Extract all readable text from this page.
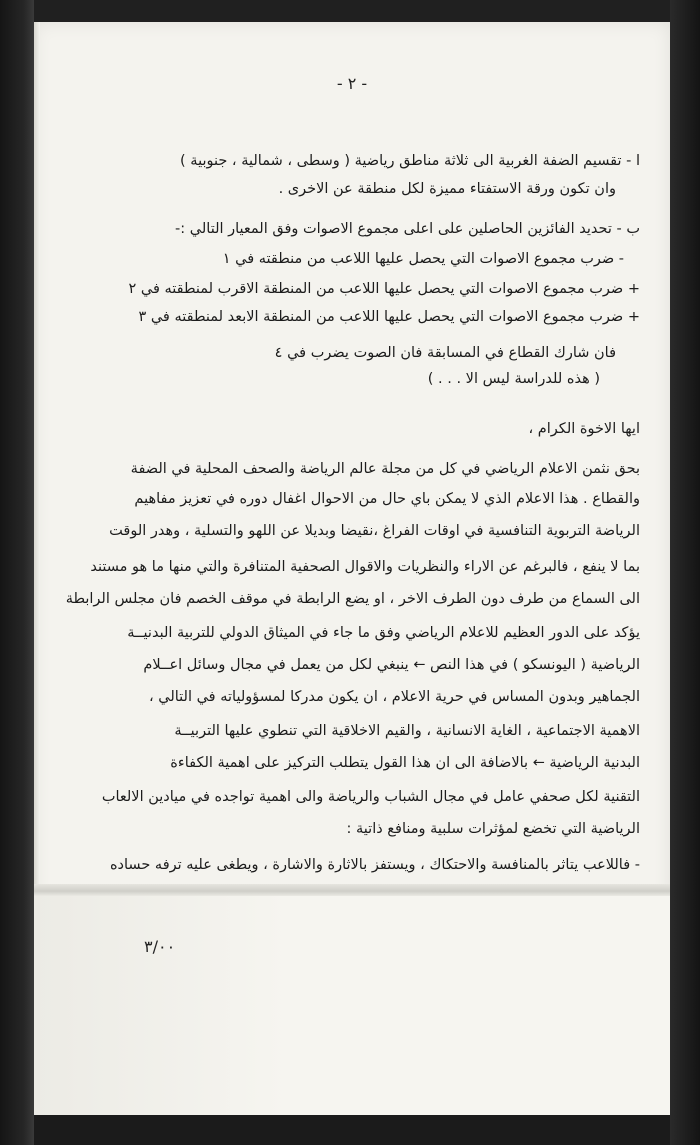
- ٢ -
أ - تقسيم الضفة الغربية الى ثلاثة مناطق رياضية ( وسطى ، شمالية ، جنوبية )
وان تكون ورقة الاستفتاء مميزة لكل منطقة عن الاخرى .
ب - تحديد الفائزين الحاصلين على اعلى مجموع الاصوات وفق المعيار التالي :-
- ضرب مجموع الاصوات التي يحصل عليها اللاعب من منطقته في ١
+ ضرب مجموع الاصوات التي يحصل عليها اللاعب من المنطقة الاقرب لمنطقته في ٢
+ ضرب مجموع الاصوات التي يحصل عليها اللاعب من المنطقة الابعد لمنطقته في ٣
فان شارك القطاع في المسابقة فان الصوت يضرب في ٤
( هذه للدراسة ليس الا . . . )
ايها الاخوة الكرام ،
بحق نثمن الاعلام الرياضي في كل من مجلة عالم الرياضة والصحف المحلية في الضفة
والقطاع . هذا الاعلام الذي لا يمكن باي حال من الاحوال اغفال دوره في تعزيز مفاهيم
الرياضة التربوية التنافسية في اوقات الفراغ ،نقيضا وبديلا عن اللهو والتسلية ، وهدر الوقت
بما لا ينفع ، فالبرغم عن الآراء والنظريات والاقوال الصحفية المتنافرة والتي منها ما هو مستند
الى السماع من طرف دون الطرف الاخر ، او يضع الرابطة في موقف الخصم فان مجلس الرابطة
يؤكد على الدور العظيم للاعلام الرياضي وفق ما جاء في الميثاق الدولي للتربية البدنيــة
الرياضية ( اليونسكو ) في هذا النص ← ينبغي لكل من يعمل في مجال وسائل اعــلام
الجماهير وبدون المساس في حرية الاعلام ، ان يكون مدركا لمسؤولياته في التالي ،
الاهمية الاجتماعية ، الغاية الانسانية ، والقيم الاخلاقية التي تنطوي عليها التربيــة
البدنية الرياضية ← بالاضافة الى ان هذا القول يتطلب التركيز على اهمية الكفاءة
التقنية لكل صحفي عامل في مجال الشباب والرياضة والى اهمية تواجده في ميادين الالعاب
الرياضية التي تخضع لمؤثرات سلبية ومنافع ذاتية :
- فاللاعب يتأثر بالمنافسة والاحتكاك ، ويستفز بالاثارة والاشارة ، ويطغى عليه ترفه حساده
٣/٠٠
